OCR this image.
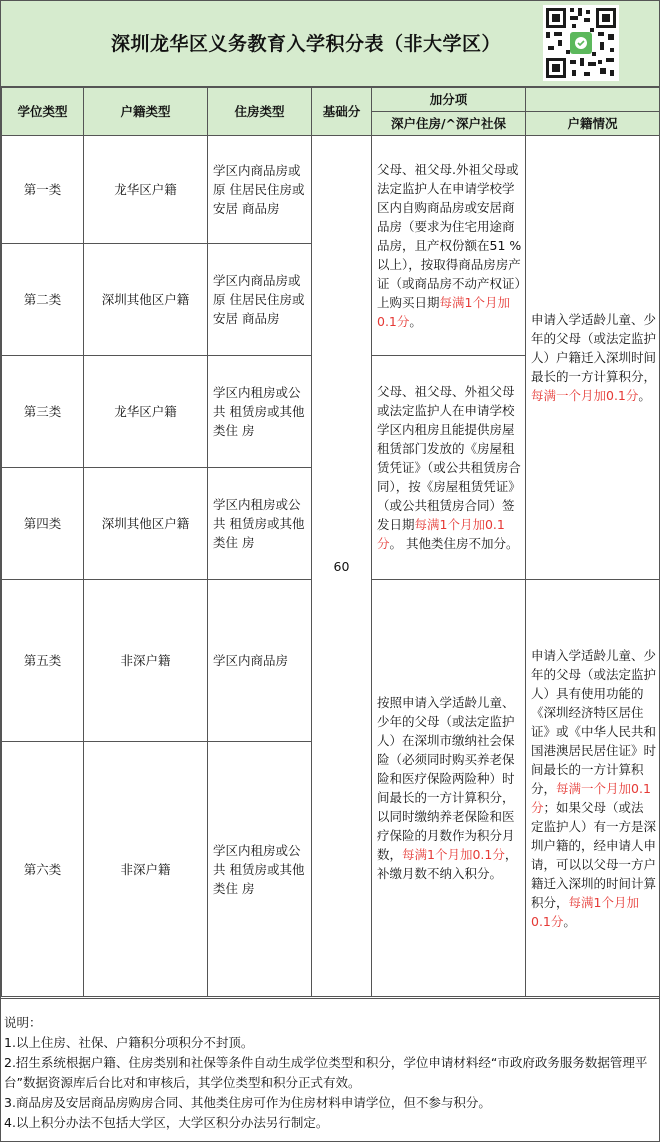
深圳龙华区义务教育入学积分表（非大学区）
学位类型	户籍类型	住房类型	基础分	加分项	
				深户住房/^深户社保	户籍情况
第一类	龙华区户籍	学区内商品房或原 住居民住房或安居 商品房	60	父母、祖父母.外祖父母或法定监护人在申请学校学区内自购商品房或安居商品房（要求为住宅用途商品房，且产权份额在51 %以上），按取得商品房房产证（或商品房不动产权证）上购买日期每满1个月加0.1分。	申请入学适龄儿童、少年的父母（或法定监护人）户籍迁入深圳时间最长的一方计算积分，每满一个月加0.1分。
第二类	深圳其他区户籍	学区内商品房或原 住居民住房或安居 商品房			
第三类	龙华区户籍	学区内租房或公共 租赁房或其他类住 房		父母、祖父母、外祖父母或法定监护人在申请学校学区内租房且能提供房屋租赁部门发放的《房屋租赁凭证》（或公共租赁房合同），按《房屋租赁凭证》（或公共租赁房合同）签发日期每满1个月加0.1分。 其他类住房不加分。	
第四类	深圳其他区户籍	学区内租房或公共 租赁房或其他类住 房			
第五类	非深户籍	学区内商品房		按照申请入学适龄儿童、少年的父母（或法定监护人）在深圳市缴纳社会保险（必须同时购买养老保险和医疗保险两险种）时间最长的一方计算积分，以同时缴纳养老保险和医疗保险的月数作为积分月数，每满1个月加0.1分，补缴月数不纳入积分。	申请入学适龄儿童、少年的父母（或法定监护人）具有使用功能的《深圳经济特区居住证》或《中华人民共和国港澳居民居住证》时间最长的一方计算积分，每满一个月加0.1分；如果父母（或法定监护人）有一方是深圳户籍的，经申请人申请，可以以父母一方户籍迁入深圳的时间计算积分，每满1个月加0.1分。
第六类	非深户籍	学区内租房或公共 租赁房或其他类住 房			
说明：
1.以上住房、社保、户籍积分项积分不封顶。
2.招生系统根据户籍、住房类别和社保等条件自动生成学位类型和积分，学位申请材料经“市政府政务服务数据管理平台”数据资源库后台比对和审核后，其学位类型和积分正式有效。
3.商品房及安居商品房购房合同、其他类住房可作为住房材料申请学位，但不参与积分。
4.以上积分办法不包括大学区，大学区积分办法另行制定。
